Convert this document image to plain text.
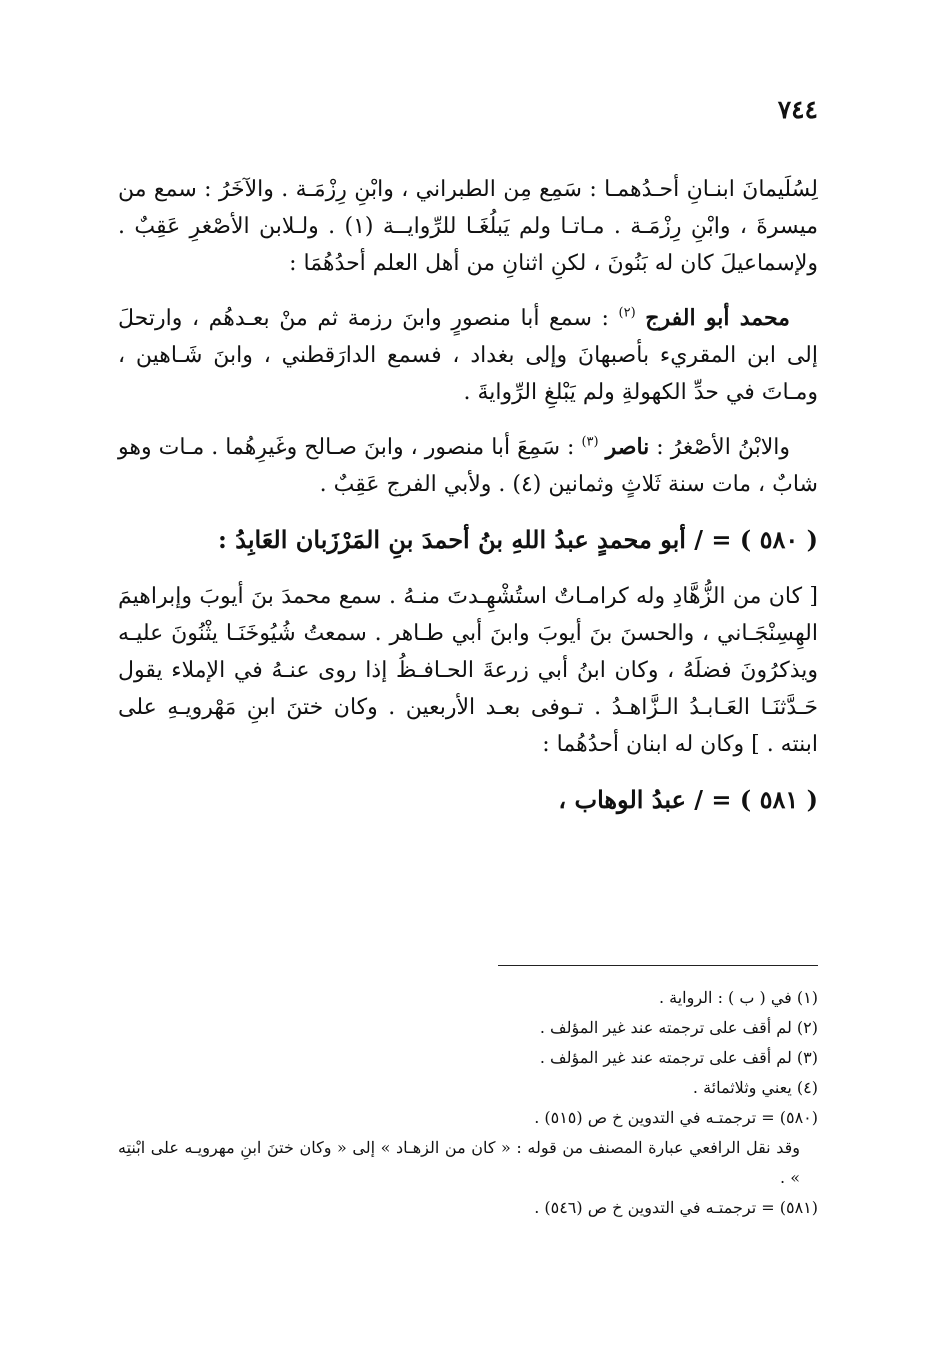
٧٤٤

لِسُلَيمانَ ابنـانِ أحـدُهمـا : سَمِع مِن الطبراني ، وابْنِ رِزْمَـة . والآخَرُ : سمع من ميسرةَ ، وابْنِ رِزْمَـة . مـاتـا ولم يَبلُغَـا للرِّوايــة (١) . ولـلابن الأصْغرِ عَقِبٌ . ولإسماعيلَ كان له بَنُونَ ، لكنِ اثنانِ من أهل العلم أحدُهُمَا :

محمد أبو الفرج $^{(٢)}$ : سمع أبا منصورٍ وابنَ رزمة ثم منْ بعـدهُم ، وارتحلَ إلى ابن المقريء بأصبهانَ وإلى بغداد ، فسمع الدارَقطني ، وابنَ شَـاهين ، ومـاتَ في حدِّ الكهولةِ ولم يَبْلغِ الرِّوايةَ .

والابْنُ الأصْغرُ : ناصر $^{(٣)}$ : سَمِعَ أبا منصور ، وابنَ صـالح وغَيرِهُما . مـات وهو شابٌ ، مات سنة ثَلاثٍ وثمانين (٤) . ولأبي الفرج عَقِبٌ .

( ٥٨٠ ) = / أبو محمدٍ عبدُ اللهِ بنُ أحمدَ بنِ المَرْزَبان العَابِدُ :

[ كان من الزُّهَّادِ وله كرامـاتٌ استُشْهِـدتَ منـهُ . سمع محمدَ بنَ أيوبَ وإبراهيمَ الهِسِنْجَـاني ، والحسنَ بنَ أيوبَ وابنَ أبي طـاهر . سمعتُ شُيُوخَنَـا يثْنُونَ عليـه ويذكرُونَ فضلَهُ ، وكان ابنُ أبي زرعةَ الحـافـظُ إذا روى عنـهُ في الإملاء يقول حَـدَّثنَـا العَـابـدُ الـزَّاهـدُ . تـوفى بعـد الأربعين . وكان ختنَ ابنِ مَهْرويـهِ على ابنته . ] وكان له ابنان أحدُهُما :

( ٥٨١ ) = / عبدُ الوهاب ،

(١) في ( ب ) : الرواية .

(٢) لم أقف على ترجمته عند غير المؤلف .

(٣) لم أقف على ترجمته عند غير المؤلف .

(٤) يعني وثلاثمائة .

(٥٨٠) = ترجمتـه في التدوين خ ص (٥١٥) .

وقد نقل الرافعي عبارة المصنف من قوله : « كان من الزهـاد » إلى « وكان ختنَ ابنِ مهرويـه على ابْنتِه » .

(٥٨١) = ترجمتـه في التدوين خ ص (٥٤٦) .
